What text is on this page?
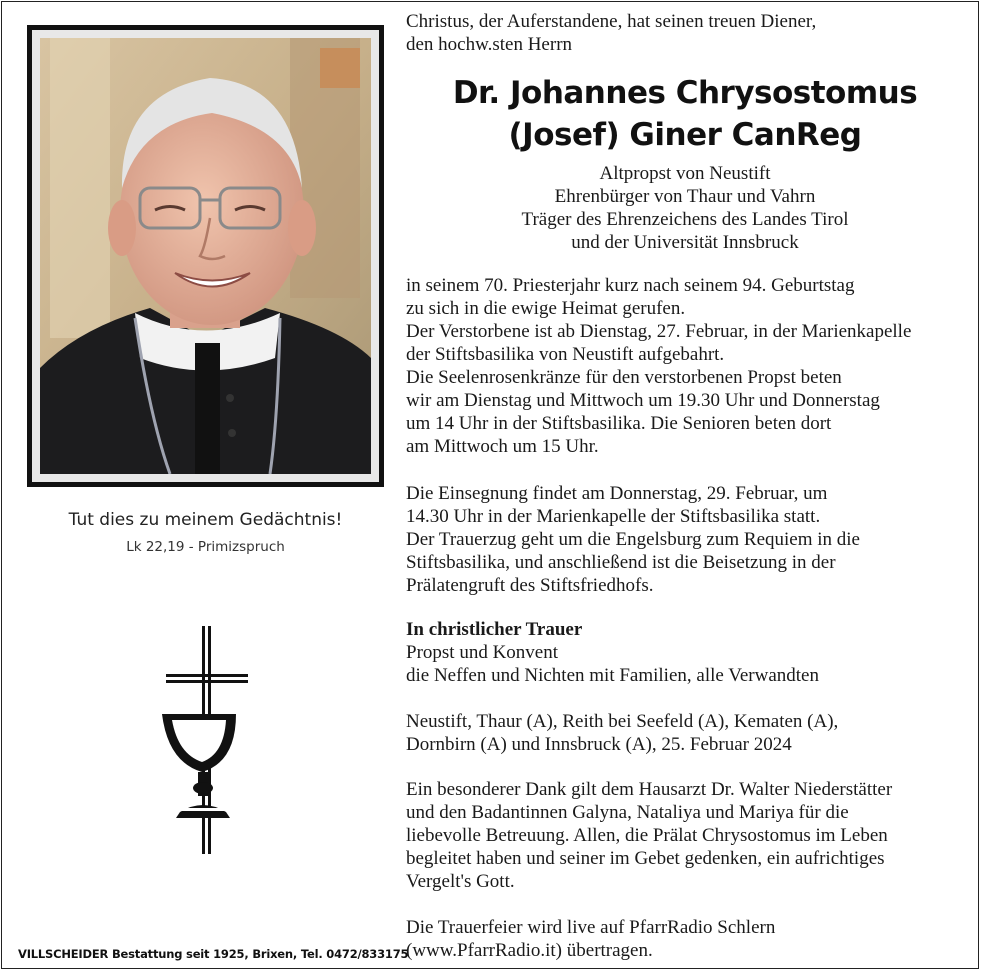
Tut dies zu meinem Gedächtnis!
Lk 22,19 - Primizspruch
VILLSCHEIDER Bestattung seit 1925, Brixen, Tel. 0472/833175
Christus, der Auferstandene, hat seinen treuen Diener,
den hochw.sten Herrn
Dr. Johannes Chrysostomus
(Josef) Giner CanReg
Altpropst von Neustift
Ehrenbürger von Thaur und Vahrn
Träger des Ehrenzeichens des Landes Tirol
und der Universität Innsbruck
in seinem 70. Priesterjahr kurz nach seinem 94. Geburtstag
zu sich in die ewige Heimat gerufen.
Der Verstorbene ist ab Dienstag, 27. Februar, in der Marienkapelle
der Stiftsbasilika von Neustift aufgebahrt.
Die Seelenrosenkränze für den verstorbenen Propst beten
wir am Dienstag und Mittwoch um 19.30 Uhr und Donnerstag
um 14 Uhr in der Stiftsbasilika. Die Senioren beten dort
am Mittwoch um 15 Uhr.
Die Einsegnung findet am Donnerstag, 29. Februar, um
14.30 Uhr in der Marienkapelle der Stiftsbasilika statt.
Der Trauerzug geht um die Engelsburg zum Requiem in die
Stiftsbasilika, und anschließend ist die Beisetzung in der
Prälatengruft des Stiftsfriedhofs.
In christlicher Trauer
Propst und Konvent
die Neffen und Nichten mit Familien, alle Verwandten
Neustift, Thaur (A), Reith bei Seefeld (A), Kematen (A),
Dornbirn (A) und Innsbruck (A), 25. Februar 2024
Ein besonderer Dank gilt dem Hausarzt Dr. Walter Niederstätter
und den Badantinnen Galyna, Nataliya und Mariya für die
liebevolle Betreuung. Allen, die Prälat Chrysostomus im Leben
begleitet haben und seiner im Gebet gedenken, ein aufrichtiges
Vergelt's Gott.
Die Trauerfeier wird live auf PfarrRadio Schlern
(www.PfarrRadio.it) übertragen.
